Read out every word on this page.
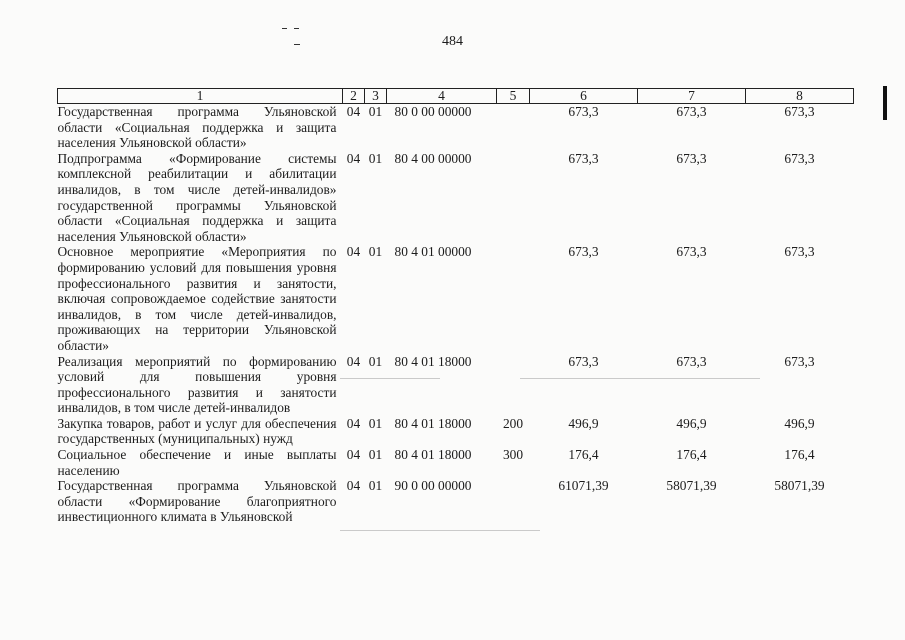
484
1	2	3	4	5	6	7	8
Государственная программа Ульяновской области «Социальная поддержка и защита населения Ульяновской области»	04	01	80 0 00 00000		673,3	673,3	673,3
Подпрограмма «Формирование системы комплексной реабилитации и абилитации инвалидов, в том числе детей-инвалидов» государственной программы Ульяновской области «Социальная поддержка и защита населения Ульяновской области»	04	01	80 4 00 00000		673,3	673,3	673,3
Основное мероприятие «Мероприятия по формированию условий для повышения уровня профессионального развития и занятости, включая сопровождаемое содействие занятости инвалидов, в том числе детей-инвалидов, проживающих на территории Ульяновской области»	04	01	80 4 01 00000		673,3	673,3	673,3
Реализация мероприятий по формированию условий для повышения уровня профессионального развития и занятости инвалидов, в том числе детей-инвалидов	04	01	80 4 01 18000		673,3	673,3	673,3
Закупка товаров, работ и услуг для обеспечения государственных (муниципальных) нужд	04	01	80 4 01 18000	200	496,9	496,9	496,9
Социальное обеспечение и иные выплаты населению	04	01	80 4 01 18000	300	176,4	176,4	176,4
Государственная программа Ульяновской области «Формирование благоприятного инвестиционного климата в Ульяновской	04	01	90 0 00 00000		61071,39	58071,39	58071,39
